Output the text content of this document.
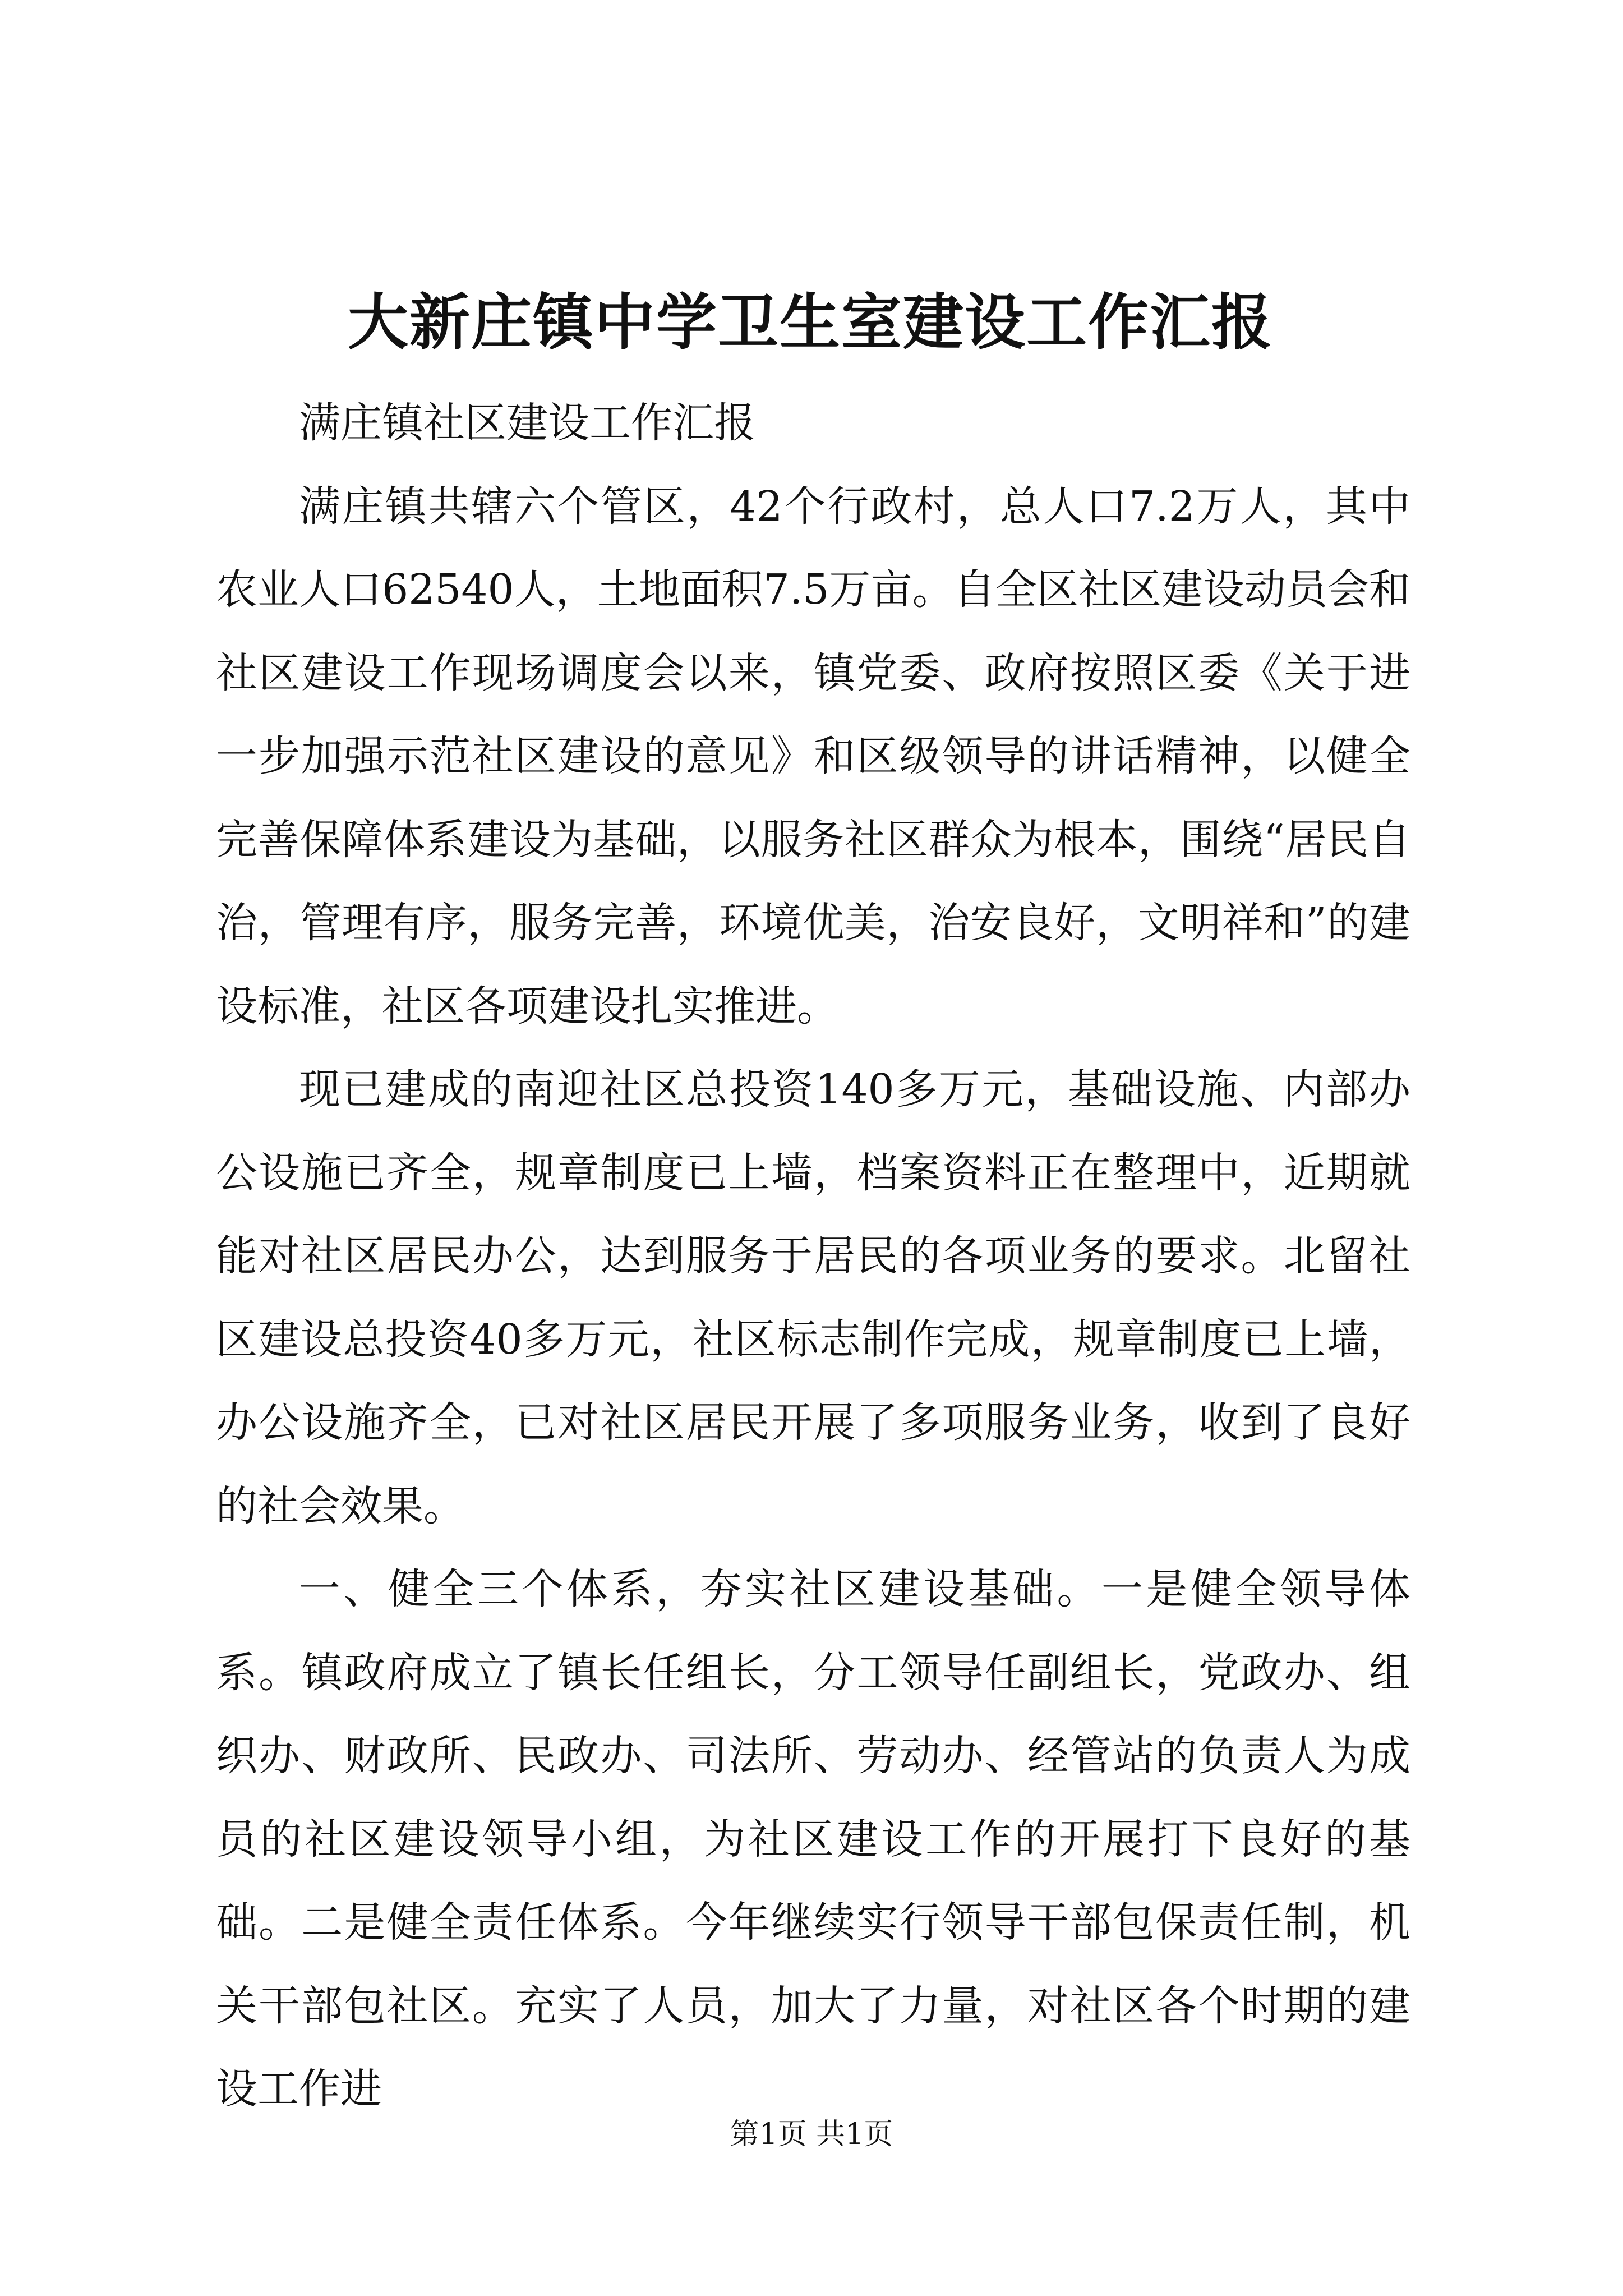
大新庄镇中学卫生室建设工作汇报

满庄镇社区建设工作汇报

满庄镇共辖六个管区，42个行政村，总人口7.2万人，其中农业人口62540人，土地面积7.5万亩。自全区社区建设动员会和社区建设工作现场调度会以来，镇党委、政府按照区委《关于进一步加强示范社区建设的意见》和区级领导的讲话精神，以健全完善保障体系建设为基础，以服务社区群众为根本，围绕“居民自治，管理有序，服务完善，环境优美，治安良好，文明祥和”的建设标准，社区各项建设扎实推进。

现已建成的南迎社区总投资140多万元，基础设施、内部办公设施已齐全，规章制度已上墙，档案资料正在整理中，近期就能对社区居民办公，达到服务于居民的各项业务的要求。北留社区建设总投资40多万元，社区标志制作完成，规章制度已上墙，办公设施齐全，已对社区居民开展了多项服务业务，收到了良好的社会效果。

一、健全三个体系，夯实社区建设基础。一是健全领导体系。镇政府成立了镇长任组长，分工领导任副组长，党政办、组织办、财政所、民政办、司法所、劳动办、经管站的负责人为成员的社区建设领导小组，为社区建设工作的开展打下良好的基础。二是健全责任体系。今年继续实行领导干部包保责任制，机关干部包社区。充实了人员，加大了力量，对社区各个时期的建设工作进

第1页 共1页
